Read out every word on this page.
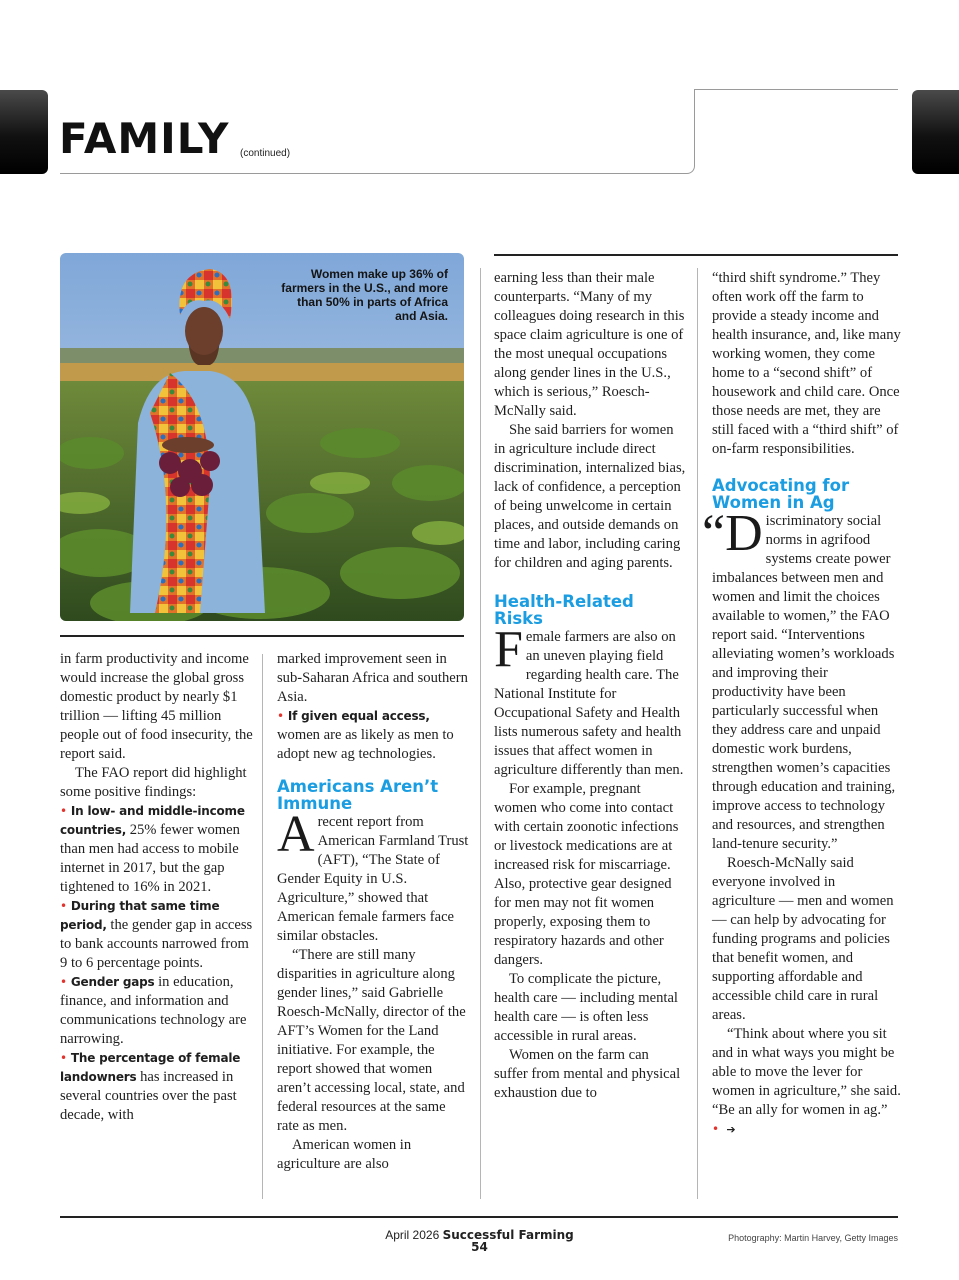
FAMILY (continued)
Women make up 36% of farmers in the U.S., and more than 50% in parts of Africa and Asia.

in farm productivity and income would increase the global gross domestic product by nearly $1 trillion — lifting 45 million people out of food insecurity, the report said.

The FAO report did highlight some positive findings:

• In low- and middle-income countries, 25% fewer women than men had access to mobile internet in 2017, but the gap tightened to 16% in 2021.

• During that same time period, the gender gap in access to bank accounts narrowed from 9 to 6 percentage points.

• Gender gaps in education, finance, and information and communications technology are narrowing.

• The percentage of female landowners has increased in several countries over the past decade, with

marked improvement seen in sub-Saharan Africa and southern Asia.

• If given equal access, women are as likely as men to adopt new ag technologies.

Americans Aren’t Immune

A recent report from American Farmland Trust (AFT), “The State of Gender Equity in U.S. Agriculture,” showed that American female farmers face similar obstacles.

“There are still many disparities in agriculture along gender lines,” said Gabrielle Roesch-McNally, director of the AFT’s Women for the Land initiative. For example, the report showed that women aren’t accessing local, state, and federal resources at the same rate as men.

American women in agriculture are also

earning less than their male counterparts. “Many of my colleagues doing research in this space claim agriculture is one of the most unequal occupations along gender lines in the U.S., which is serious,” Roesch-McNally said.

She said barriers for women in agriculture include direct discrimination, internalized bias, lack of confidence, a perception of being unwelcome in certain places, and outside demands on time and labor, including caring for children and aging parents.

Health-Related Risks

Female farmers are also on an uneven playing field regarding health care. The National Institute for Occupational Safety and Health lists numerous safety and health issues that affect women in agriculture differently than men.

For example, pregnant women who come into contact with certain zoonotic infections or livestock medications are at increased risk for miscarriage. Also, protective gear designed for men may not fit women properly, exposing them to respiratory hazards and other dangers.

To complicate the picture, health care — including mental health care — is often less accessible in rural areas.

Women on the farm can suffer from mental and physical exhaustion due to

“third shift syndrome.” They often work off the farm to provide a steady income and health insurance, and, like many working women, they come home to a “second shift” of housework and child care. Once those needs are met, they are still faced with a “third shift” of on-farm responsibilities.

Advocating for Women in Ag

“Discriminatory social norms in agrifood systems create power imbalances between men and women and limit the choices available to women,” the FAO report said. “Interventions alleviating women’s workloads and improving their productivity have been particularly successful when they address care and unpaid domestic work burdens, strengthen women’s capacities through education and training, improve access to technology and resources, and strengthen land-tenure security.”

Roesch-McNally said everyone involved in agriculture — men and women — can help by advocating for funding programs and policies that benefit women, and supporting affordable and accessible child care in rural areas.

“Think about where you sit and in what ways you might be able to move the lever for women in agriculture,” she said. “Be an ally for women in ag.” • ➔

April 2026 Successful Farming
54
Photography: Martin Harvey, Getty Images
